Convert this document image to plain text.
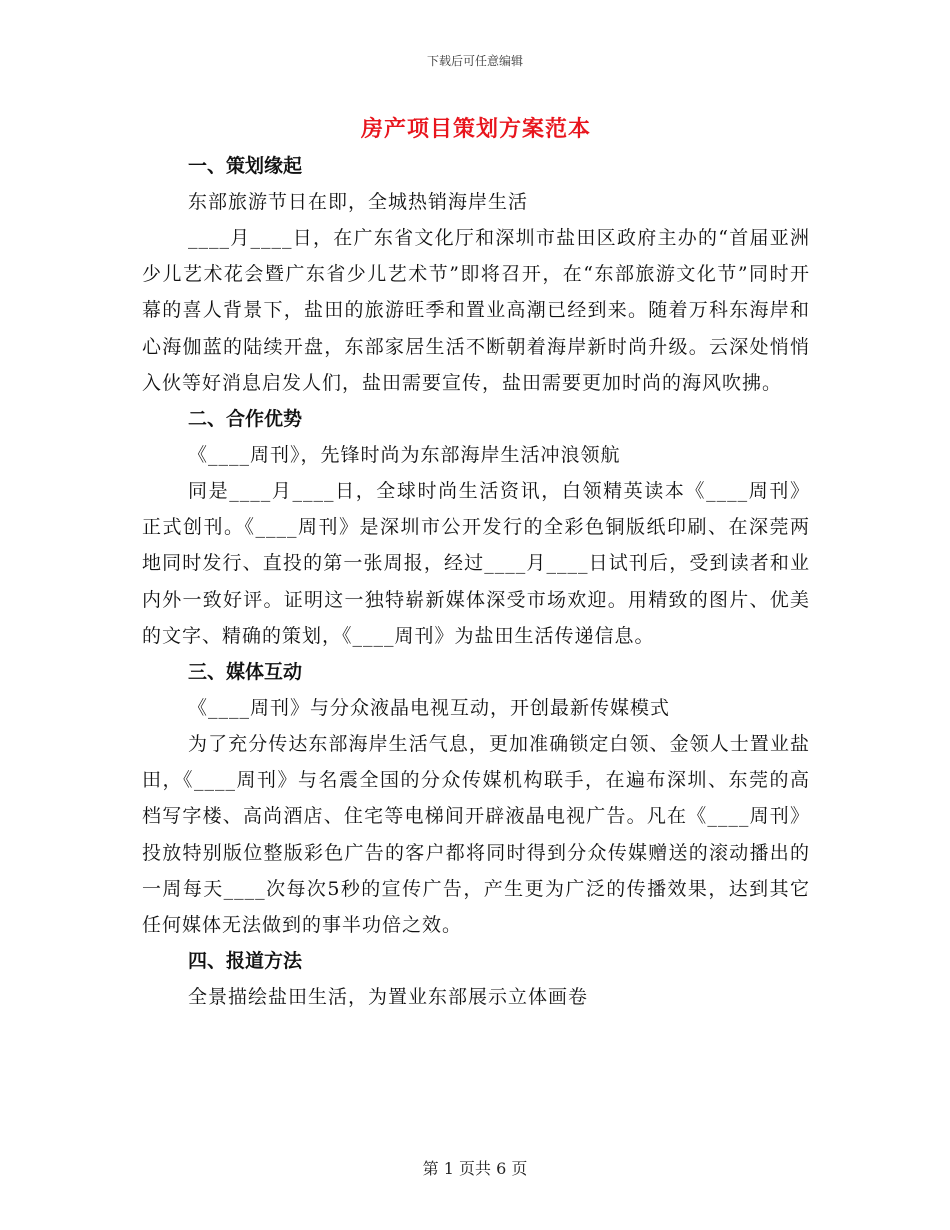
下载后可任意编辑
房产项目策划方案范本
一、策划缘起
东部旅游节日在即，全城热销海岸生活

____月____日，在广东省文化厅和深圳市盐田区政府主办的“首届亚洲少儿艺术花会暨广东省少儿艺术节”即将召开，在“东部旅游文化节”同时开幕的喜人背景下，盐田的旅游旺季和置业高潮已经到来。随着万科东海岸和心海伽蓝的陆续开盘，东部家居生活不断朝着海岸新时尚升级。云深处悄悄入伙等好消息启发人们，盐田需要宣传，盐田需要更加时尚的海风吹拂。

二、合作优势
《____周刊》，先锋时尚为东部海岸生活冲浪领航

同是____月____日，全球时尚生活资讯，白领精英读本《____周刊》正式创刊。《____周刊》是深圳市公开发行的全彩色铜版纸印刷、在深莞两地同时发行、直投的第一张周报，经过____月____日试刊后，受到读者和业内外一致好评。证明这一独特崭新媒体深受市场欢迎。用精致的图片、优美的文字、精确的策划，《____周刊》为盐田生活传递信息。

三、媒体互动
《____周刊》与分众液晶电视互动，开创最新传媒模式

为了充分传达东部海岸生活气息，更加准确锁定白领、金领人士置业盐田，《____周刊》与名震全国的分众传媒机构联手，在遍布深圳、东莞的高档写字楼、高尚酒店、住宅等电梯间开辟液晶电视广告。凡在《____周刊》投放特别版位整版彩色广告的客户都将同时得到分众传媒赠送的滚动播出的一周每天____次每次5秒的宣传广告，产生更为广泛的传播效果，达到其它任何媒体无法做到的事半功倍之效。

四、报道方法
全景描绘盐田生活，为置业东部展示立体画卷
第 1 页共 6 页
